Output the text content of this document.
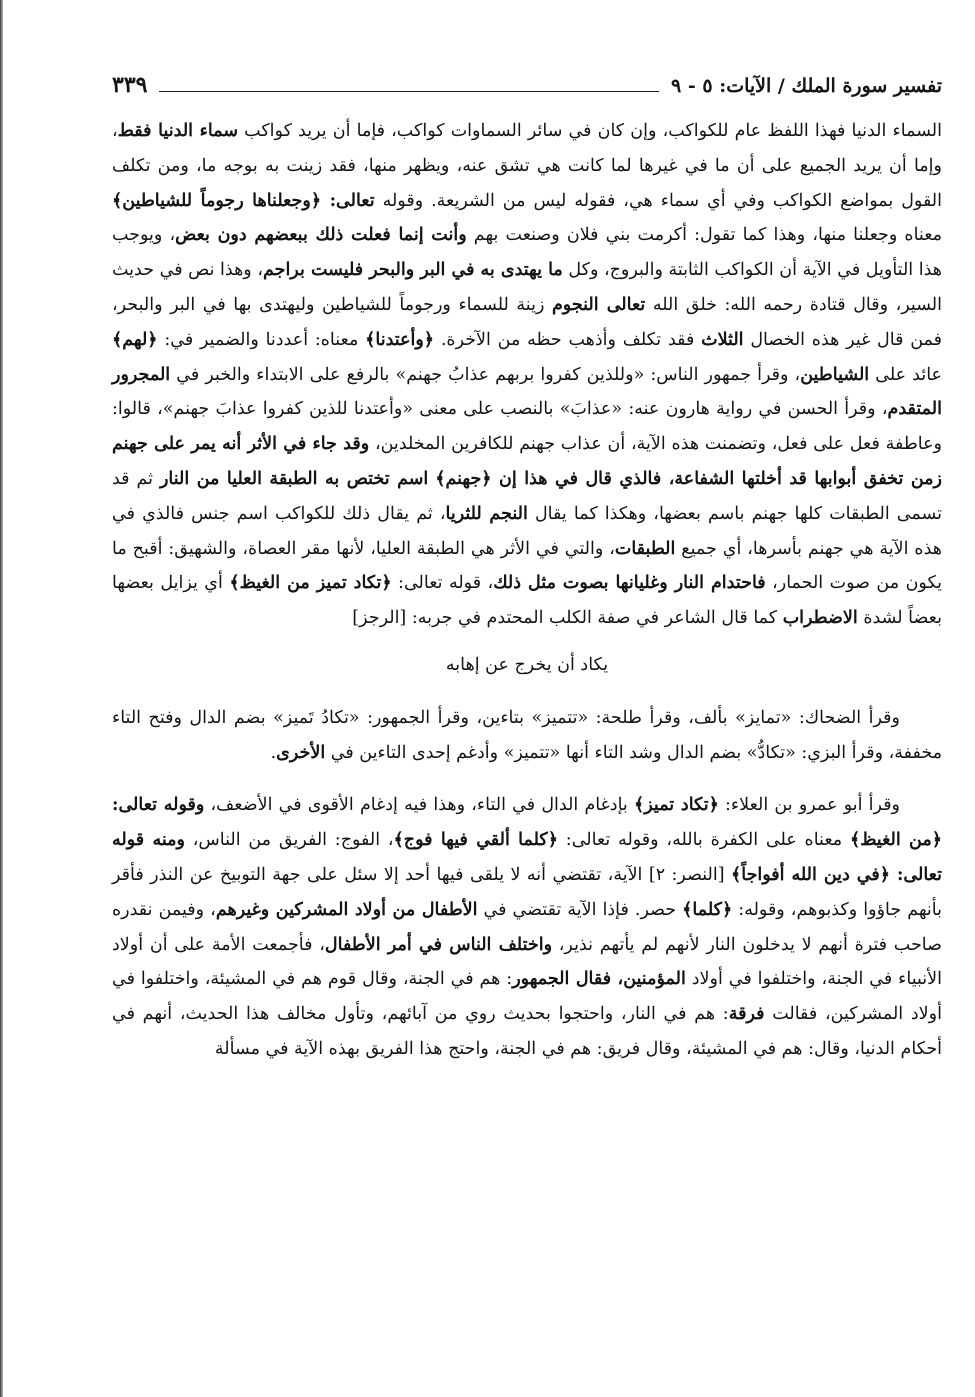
تفسير سورة الملك / الآيات: ٥ - ٩
٣٣٩

السماء الدنيا فهذا اللفظ عام للكواكب، وإن كان في سائر السماوات كواكب، فإما أن يريد كواكب سماء الدنيا فقط، وإما أن يريد الجميع على أن ما في غيرها لما كانت هي تشق عنه، ويظهر منها، فقد زينت به بوجه ما، ومن تكلف القول بمواضع الكواكب وفي أي سماء هي، فقوله ليس من الشريعة. وقوله تعالى: ﴿وجعلناها رجوماً للشياطين﴾ معناه وجعلنا منها، وهذا كما تقول: أكرمت بني فلان وصنعت بهم وأنت إنما فعلت ذلك ببعضهم دون بعض، ويوجب هذا التأويل في الآية أن الكواكب الثابتة والبروج، وكل ما يهتدى به في البر والبحر فليست براجم، وهذا نص في حديث السير، وقال قتادة رحمه الله: خلق الله تعالى النجوم زينة للسماء ورجوماً للشياطين وليهتدى بها في البر والبحر، فمن قال غير هذه الخصال الثلاث فقد تكلف وأذهب حظه من الآخرة. ﴿وأعتدنا﴾ معناه: أعددنا والضمير في: ﴿لهم﴾ عائد على الشياطين، وقرأ جمهور الناس: «وللذين كفروا بربهم عذابُ جهنم» بالرفع على الابتداء والخبر في المجرور المتقدم، وقرأ الحسن في رواية هارون عنه: «عذابَ» بالنصب على معنى «وأعتدنا للذين كفروا عذابَ جهنم»، قالوا: وعاطفة فعل على فعل، وتضمنت هذه الآية، أن عذاب جهنم للكافرين المخلدين، وقد جاء في الأثر أنه يمر على جهنم زمن تخفق أبوابها قد أخلتها الشفاعة، فالذي قال في هذا إن ﴿جهنم﴾ اسم تختص به الطبقة العليا من النار ثم قد تسمى الطبقات كلها جهنم باسم بعضها، وهكذا كما يقال النجم للثريا، ثم يقال ذلك للكواكب اسم جنس فالذي في هذه الآية هي جهنم بأسرها، أي جميع الطبقات، والتي في الأثر هي الطبقة العليا، لأنها مقر العصاة، والشهيق: أقبح ما يكون من صوت الحمار، فاحتدام النار وغليانها بصوت مثل ذلك، قوله تعالى: ﴿تكاد تميز من الغيظ﴾ أي يزايل بعضها بعضاً لشدة الاضطراب كما قال الشاعر في صفة الكلب المحتدم في جربه: [الرجز]

يكاد أن يخرج عن إهابه

وقرأ الضحاك: «تمايز» بألف، وقرأ طلحة: «تتميز» بتاءين، وقرأ الجمهور: «تكادُ تَميز» بضم الدال وفتح التاء مخففة، وقرأ البزي: «تكادُّ» بضم الدال وشد التاء أنها «تتميز» وأدغم إحدى التاءين في الأخرى.

وقرأ أبو عمرو بن العلاء: ﴿تكاد تميز﴾ بإدغام الدال في التاء، وهذا فيه إدغام الأقوى في الأضعف، وقوله تعالى: ﴿من الغيظ﴾ معناه على الكفرة بالله، وقوله تعالى: ﴿كلما ألقي فيها فوج﴾، الفوج: الفريق من الناس، ومنه قوله تعالى: ﴿في دين الله أفواجاً﴾ [النصر: ٢] الآية، تقتضي أنه لا يلقى فيها أحد إلا سئل على جهة التوبيخ عن النذر فأقر بأنهم جاؤوا وكذبوهم، وقوله: ﴿كلما﴾ حصر. فإذا الآية تقتضي في الأطفال من أولاد المشركين وغيرهم، وفيمن نقدره صاحب فترة أنهم لا يدخلون النار لأنهم لم يأتهم نذير، واختلف الناس في أمر الأطفال، فأجمعت الأمة على أن أولاد الأنبياء في الجنة، واختلفوا في أولاد المؤمنين، فقال الجمهور: هم في الجنة، وقال قوم هم في المشيئة، واختلفوا في أولاد المشركين، فقالت فرقة: هم في النار، واحتجوا بحديث روي من آبائهم، وتأول مخالف هذا الحديث، أنهم في أحكام الدنيا، وقال: هم في المشيئة، وقال فريق: هم في الجنة، واحتج هذا الفريق بهذه الآية في مسألة
